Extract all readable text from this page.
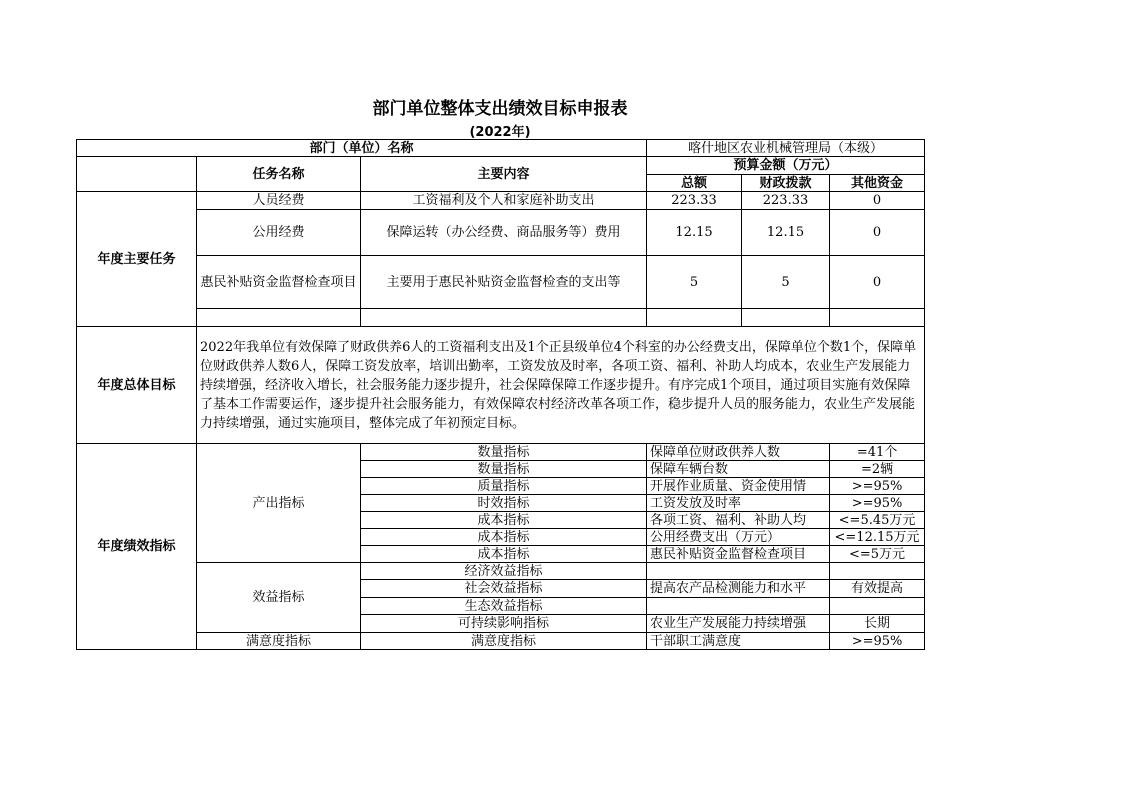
部门单位整体支出绩效目标申报表
(2022年)
部门（单位）名称			喀什地区农业机械管理局（本级）		
	任务名称	主要内容	预算金额（万元）		
			总额	财政拨款	其他资金
年度主要任务	人员经费	工资福利及个人和家庭补助支出	223.33	223.33	0
	公用经费	保障运转（办公经费、商品服务等）费用	12.15	12.15	0
	惠民补贴资金监督检查项目	主要用于惠民补贴资金监督检查的支出等	5	5	0

年度总体目标	2022年我单位有效保障了财政供养6人的工资福利支出及1个正县级单位4个科室的办公经费支出，保障单位个数1个，保障单位财政供养人数6人，保障工资发放率，培训出勤率，工资发放及时率，各项工资、福利、补助人均成本，农业生产发展能力持续增强，经济收入增长，社会服务能力逐步提升，社会保障保障工作逐步提升。有序完成1个项目，通过项目实施有效保障了基本工作需要运作，逐步提升社会服务能力，有效保障农村经济改革各项工作，稳步提升人员的服务能力，农业生产发展能力持续增强，通过实施项目，整体完成了年初预定目标。				
年度绩效指标	产出指标	数量指标	保障单位财政供养人数		=41个
		数量指标	保障车辆台数		=2辆
		质量指标	开展作业质量、资金使用情		>=95%
		时效指标	工资发放及时率		>=95%
		成本指标	各项工资、福利、补助人均		<=5.45万元
		成本指标	公用经费支出（万元）		<=12.15万元
		成本指标	惠民补贴资金监督检查项目		<=5万元
	效益指标	经济效益指标			
		社会效益指标	提高农产品检测能力和水平		有效提高
		生态效益指标			
		可持续影响指标	农业生产发展能力持续增强		长期
	满意度指标	满意度指标	干部职工满意度		>=95%
